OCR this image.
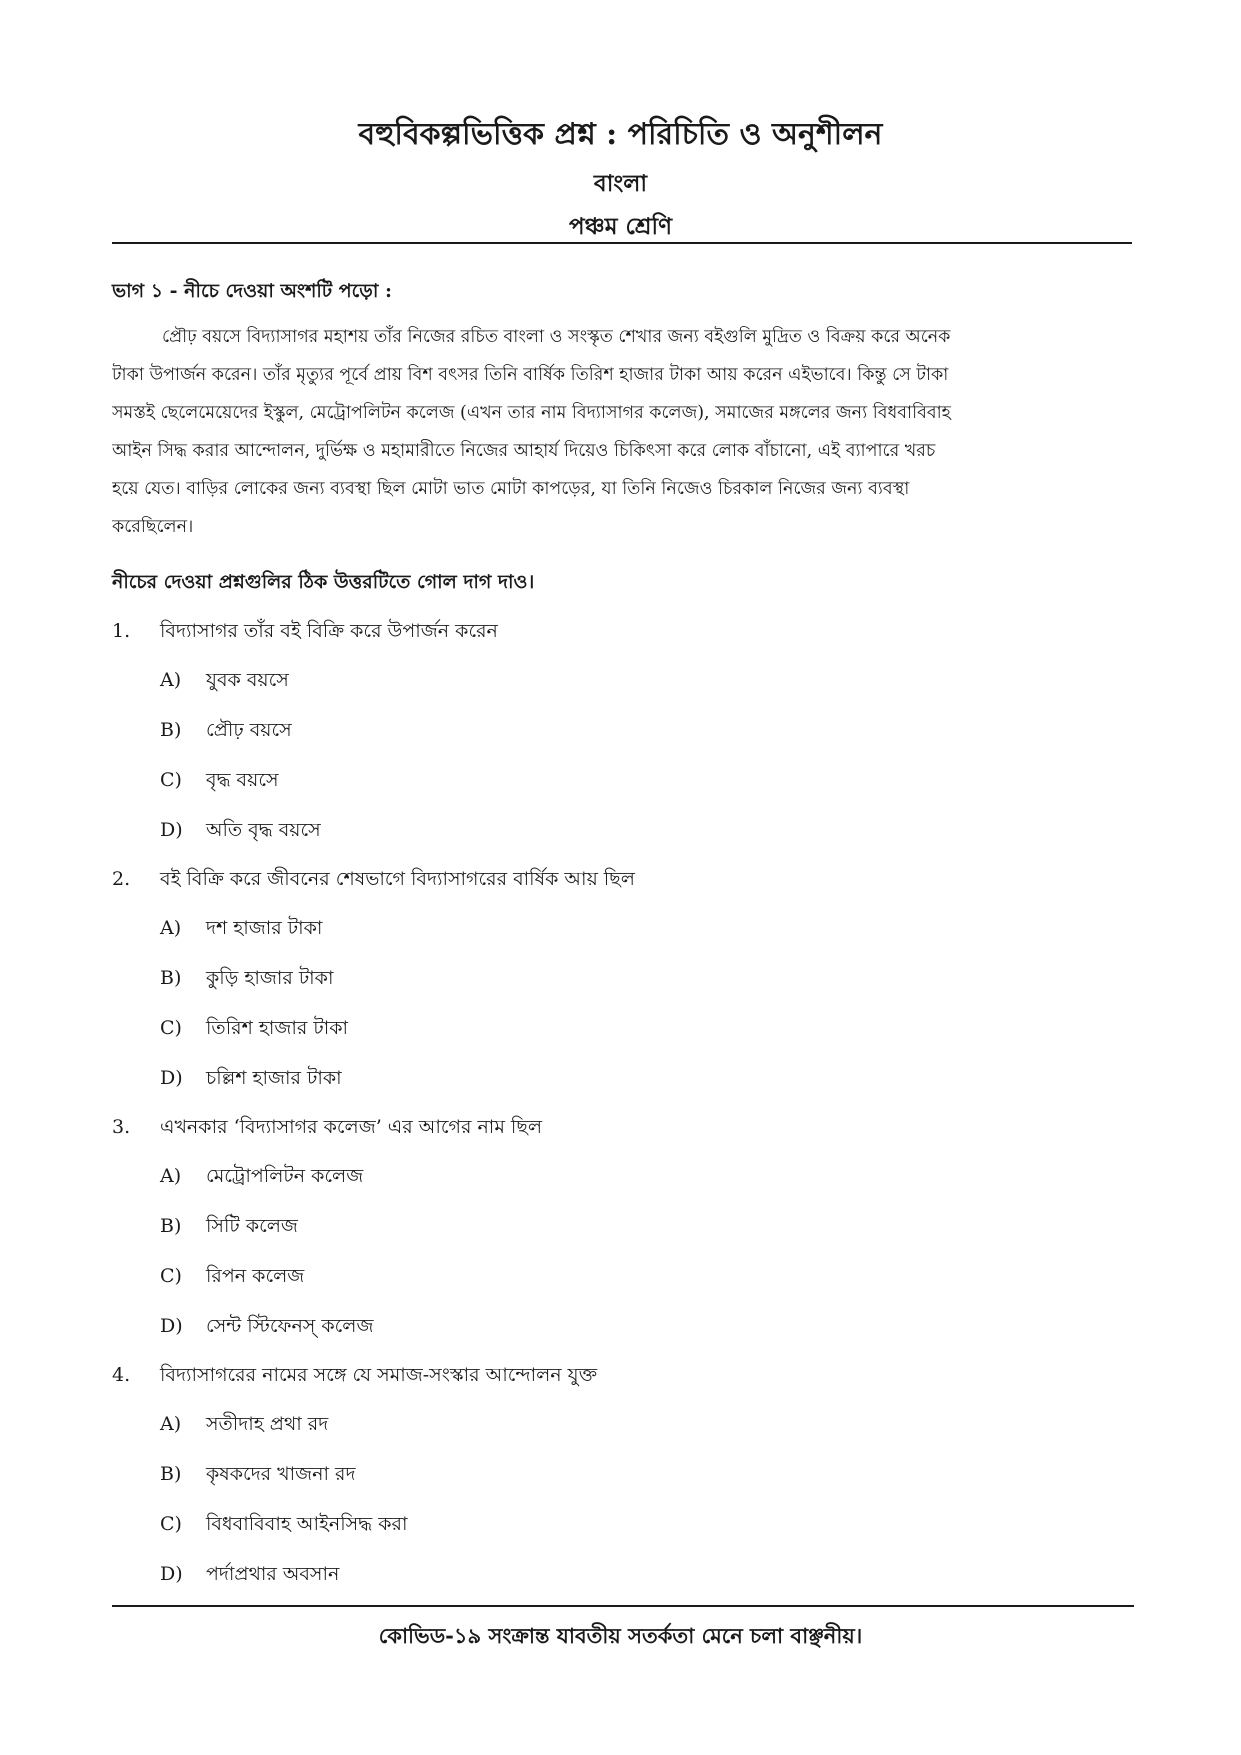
বহুবিকল্পভিত্তিক প্রশ্ন : পরিচিতি ও অনুশীলন
বাংলা
পঞ্চম শ্রেণি
ভাগ ১ - নীচে দেওয়া অংশটি পড়ো :
প্রৌঢ় বয়সে বিদ্যাসাগর মহাশয় তাঁর নিজের রচিত বাংলা ও সংস্কৃত শেখার জন্য বইগুলি মুদ্রিত ও বিক্রয় করে অনেক
টাকা উপার্জন করেন। তাঁর মৃত্যুর পূর্বে প্রায় বিশ বৎসর তিনি বার্ষিক তিরিশ হাজার টাকা আয় করেন এইভাবে। কিন্তু সে টাকা
সমস্তই ছেলেমেয়েদের ইস্কুল, মেট্রোপলিটন কলেজ (এখন তার নাম বিদ্যাসাগর কলেজ), সমাজের মঙ্গলের জন্য বিধবাবিবাহ
আইন সিদ্ধ করার আন্দোলন, দুর্ভিক্ষ ও মহামারীতে নিজের আহার্য দিয়েও চিকিৎসা করে লোক বাঁচানো, এই ব্যাপারে খরচ
হয়ে যেত। বাড়ির লোকের জন্য ব্যবস্থা ছিল মোটা ভাত মোটা কাপড়ের, যা তিনি নিজেও চিরকাল নিজের জন্য ব্যবস্থা
করেছিলেন।
নীচের দেওয়া প্রশ্নগুলির ঠিক উত্তরটিতে গোল দাগ দাও।
1. বিদ্যাসাগর তাঁর বই বিক্রি করে উপার্জন করেন
A) যুবক বয়সে
B) প্রৌঢ় বয়সে
C) বৃদ্ধ বয়সে
D) অতি বৃদ্ধ বয়সে
2. বই বিক্রি করে জীবনের শেষভাগে বিদ্যাসাগরের বার্ষিক আয় ছিল
A) দশ হাজার টাকা
B) কুড়ি হাজার টাকা
C) তিরিশ হাজার টাকা
D) চল্লিশ হাজার টাকা
3. এখনকার ‘বিদ্যাসাগর কলেজ’ এর আগের নাম ছিল
A) মেট্রোপলিটন কলেজ
B) সিটি কলেজ
C) রিপন কলেজ
D) সেন্ট স্টিফেনস্ কলেজ
4. বিদ্যাসাগরের নামের সঙ্গে যে সমাজ-সংস্কার আন্দোলন যুক্ত
A) সতীদাহ প্রথা রদ
B) কৃষকদের খাজনা রদ
C) বিধবাবিবাহ আইনসিদ্ধ করা
D) পর্দাপ্রথার অবসান
কোভিড-১৯ সংক্রান্ত যাবতীয় সতর্কতা মেনে চলা বাঞ্ছনীয়।
